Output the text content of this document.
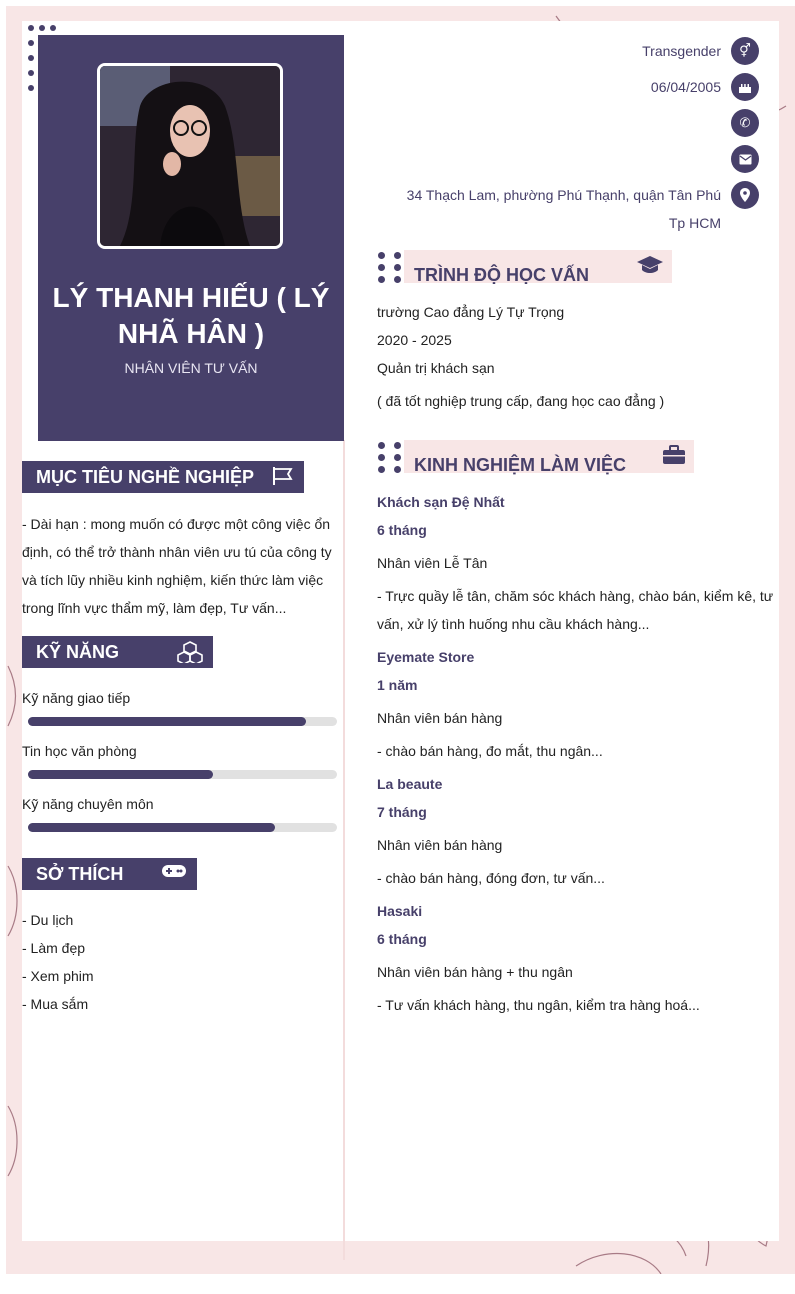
LÝ THANH HIẾU ( LÝ NHÃ HÂN )
NHÂN VIÊN TƯ VẤN
Transgender	⚥
06/04/2005
✆
34 Thạch Lam, phường Phú Thạnh, quận Tân Phú
Tp HCM
MỤC TIÊU NGHỀ NGHIỆP
- Dài hạn : mong muốn có được một công việc ổn
định, có thể trở thành nhân viên ưu tú của công ty
và tích lũy nhiều kinh nghiệm, kiến thức làm việc
trong lĩnh vực thẩm mỹ, làm đẹp, Tư vấn...
KỸ NĂNG
Kỹ năng giao tiếp
Tin học văn phòng
Kỹ năng chuyên môn
SỞ THÍCH
- Du lịch
- Làm đẹp
- Xem phim
- Mua sắm
TRÌNH ĐỘ HỌC VẤN
trường Cao đẳng Lý Tự Trọng
2020 - 2025
Quản trị khách sạn
( đã tốt nghiệp trung cấp, đang học cao đẳng )
KINH NGHIỆM LÀM VIỆC
Khách sạn Đệ Nhất
6 tháng
Nhân viên Lễ Tân
- Trực quầy lễ tân, chăm sóc khách hàng, chào bán, kiểm kê, tư
vấn, xử lý tình huống nhu cầu khách hàng...
Eyemate Store
1 năm
Nhân viên bán hàng
- chào bán hàng, đo mắt, thu ngân...
La beaute
7 tháng
Nhân viên bán hàng
- chào bán hàng, đóng đơn, tư vấn...
Hasaki
6 tháng
Nhân viên bán hàng + thu ngân
- Tư vấn khách hàng, thu ngân, kiểm tra hàng hoá...
